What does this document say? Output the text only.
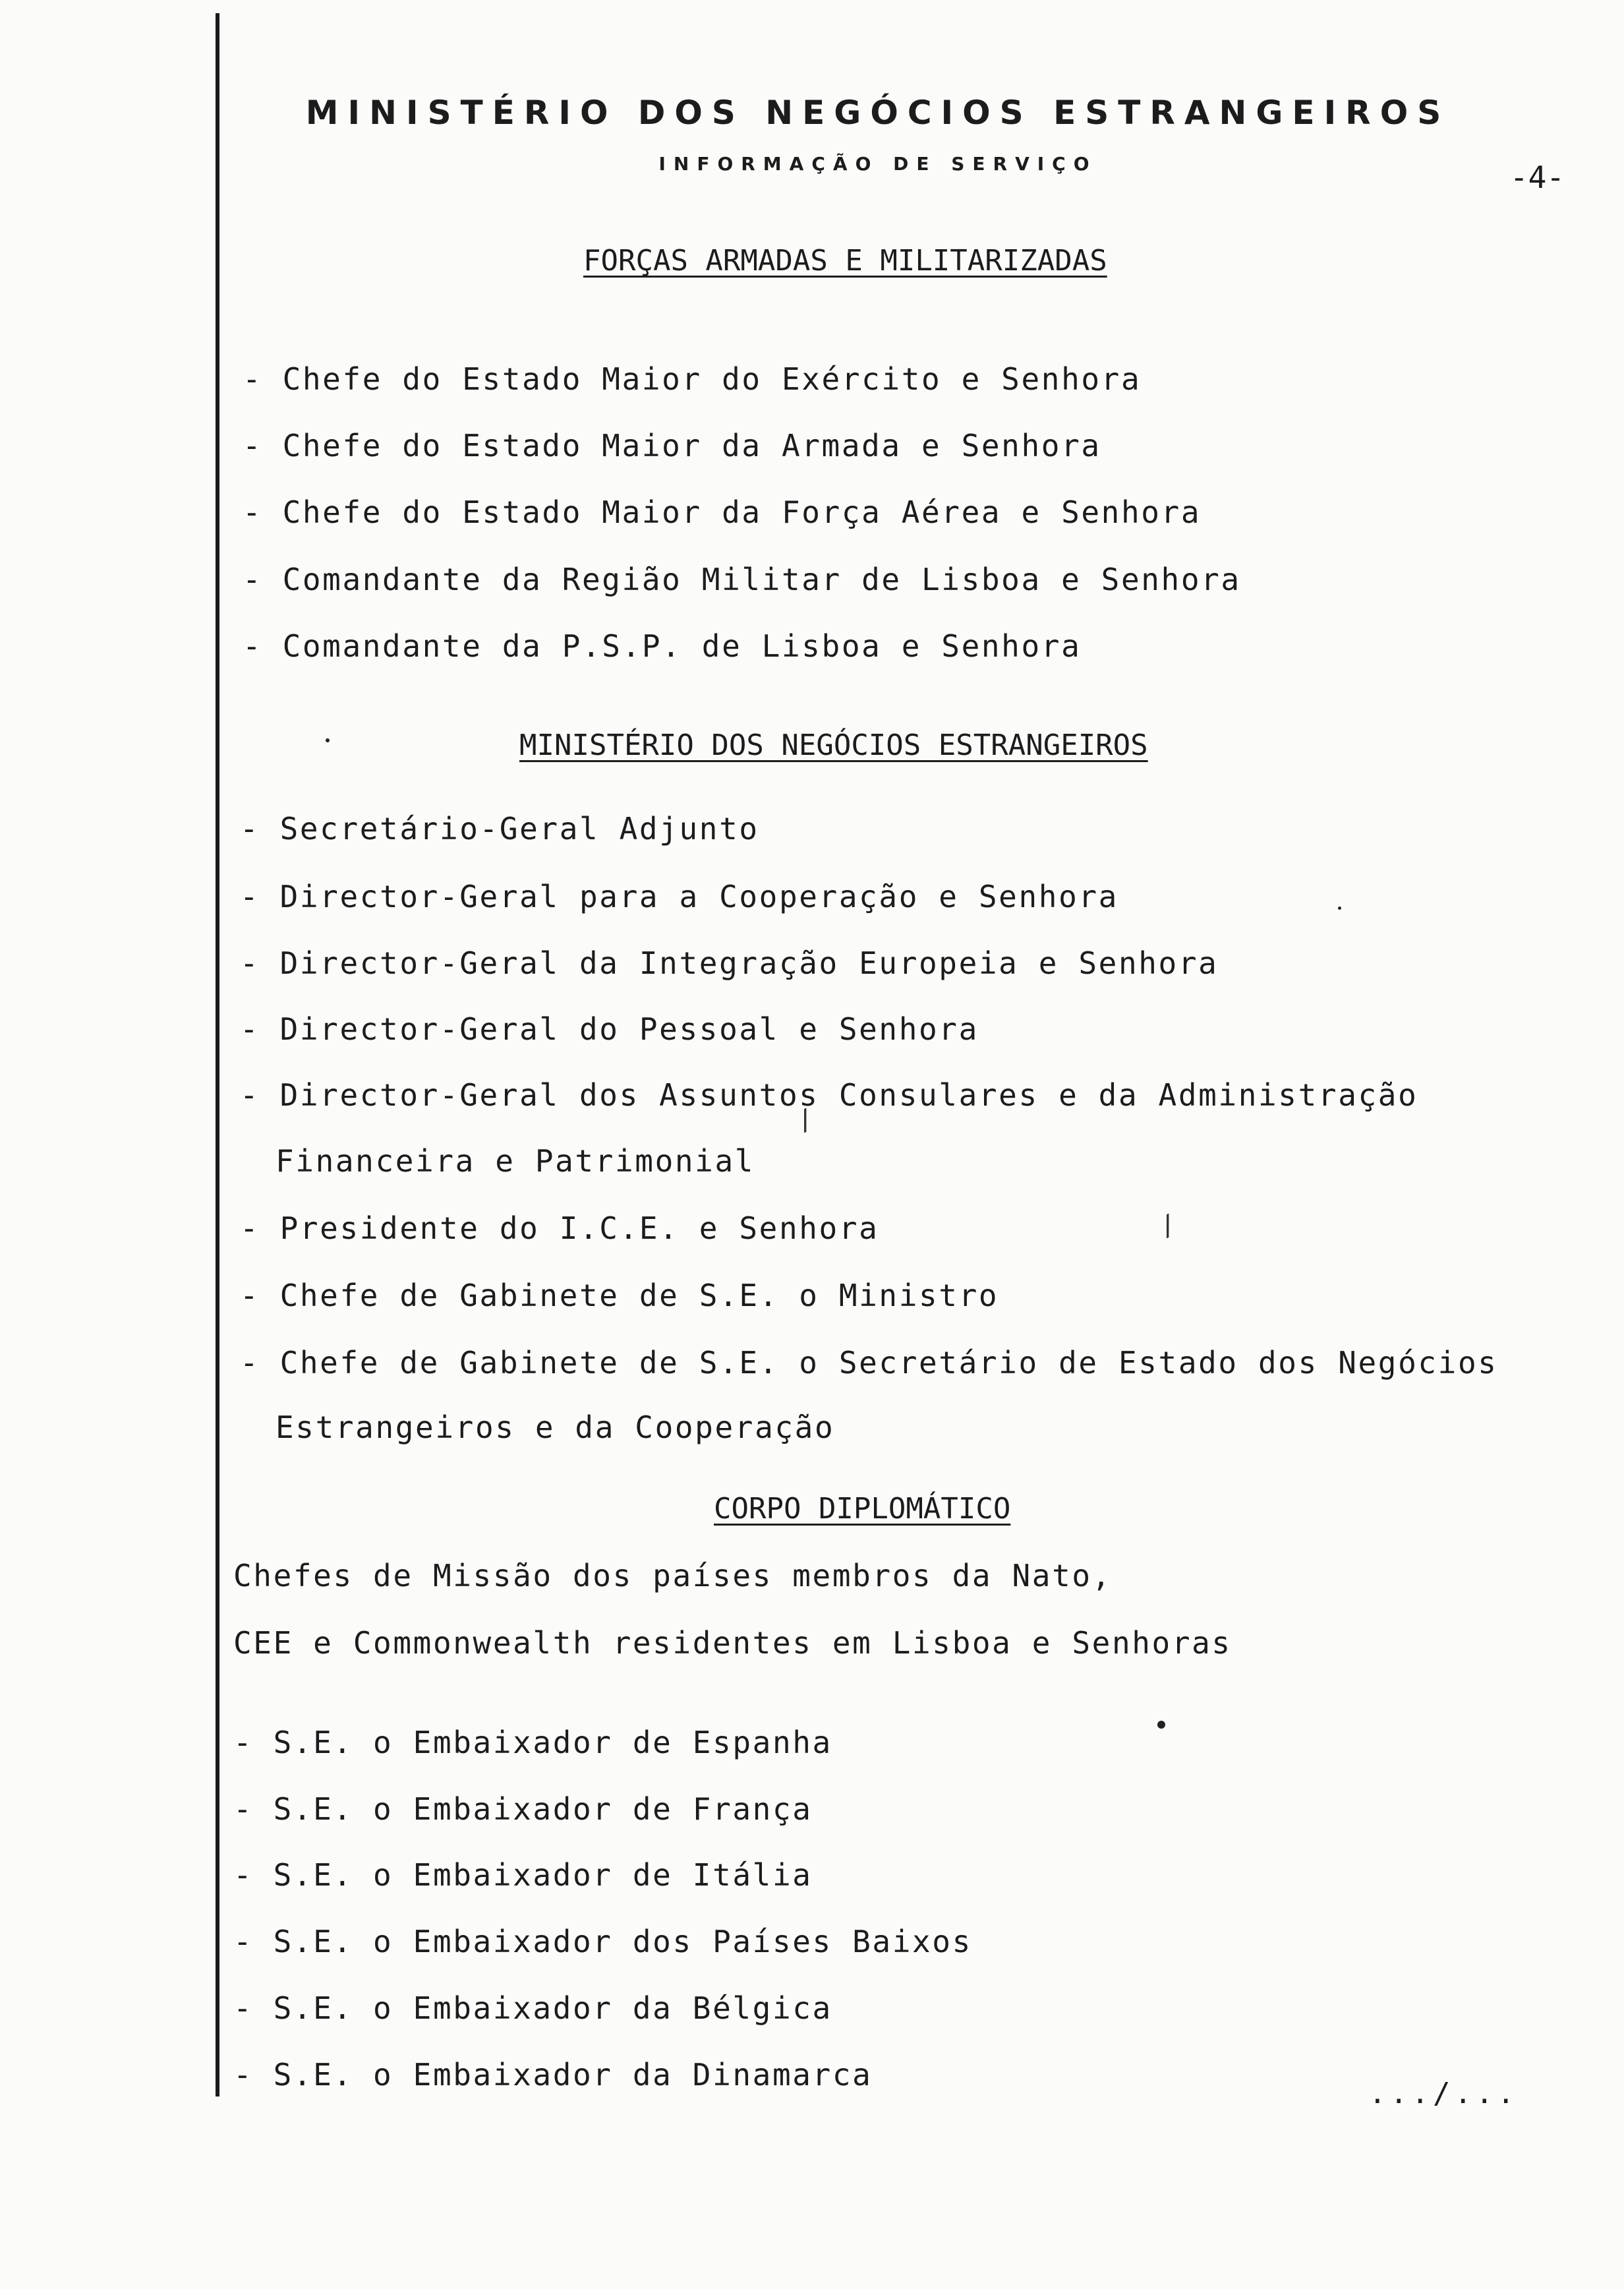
MINISTÉRIO DOS NEGÓCIOS ESTRANGEIROS
INFORMAÇÃO DE SERVIÇO	-4-
FORÇAS ARMADAS E MILITARIZADAS
- Chefe do Estado Maior do Exército e Senhora
- Chefe do Estado Maior da Armada e Senhora
- Chefe do Estado Maior da Força Aérea e Senhora
- Comandante da Região Militar de Lisboa e Senhora
- Comandante da P.S.P. de Lisboa e Senhora
MINISTÉRIO DOS NEGÓCIOS ESTRANGEIROS
- Secretário-Geral Adjunto
- Director-Geral para a Cooperação e Senhora
- Director-Geral da Integração Europeia e Senhora
- Director-Geral do Pessoal e Senhora
- Director-Geral dos Assuntos Consulares e da Administração
/
Financeira e Patrimonial
- Presidente do I.C.E. e Senhora	/
- Chefe de Gabinete de S.E. o Ministro
- Chefe de Gabinete de S.E. o Secretário de Estado dos Negócios
Estrangeiros e da Cooperação
CORPO DIPLOMÁTICO
Chefes de Missão dos países membros da Nato,
CEE e Commonwealth residentes em Lisboa e Senhoras
- S.E. o Embaixador de Espanha
- S.E. o Embaixador de França
- S.E. o Embaixador de Itália
- S.E. o Embaixador dos Países Baixos
- S.E. o Embaixador da Bélgica
- S.E. o Embaixador da Dinamarca
.../...
